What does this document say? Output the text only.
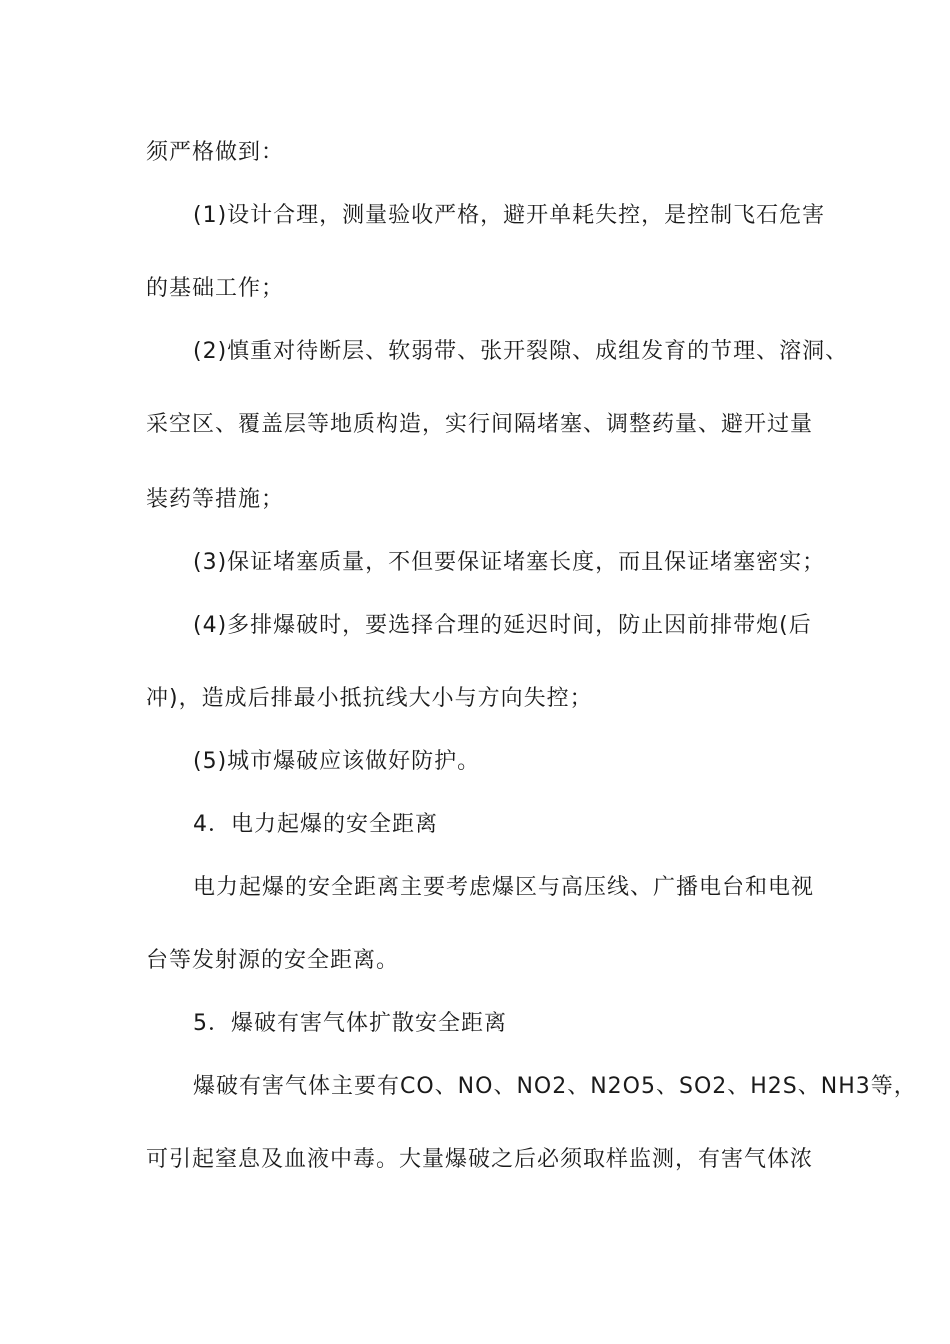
须严格做到：
(1)设计合理，测量验收严格，避开单耗失控，是控制飞石危害
的基础工作；
(2)慎重对待断层、软弱带、张开裂隙、成组发育的节理、溶洞、
采空区、覆盖层等地质构造，实行间隔堵塞、调整药量、避开过量
装药等措施；
(3)保证堵塞质量，不但要保证堵塞长度，而且保证堵塞密实；
(4)多排爆破时，要选择合理的延迟时间，防止因前排带炮(后
冲)，造成后排最小抵抗线大小与方向失控；
(5)城市爆破应该做好防护。
4．电力起爆的安全距离
电力起爆的安全距离主要考虑爆区与高压线、广播电台和电视
台等发射源的安全距离。
5．爆破有害气体扩散安全距离
爆破有害气体主要有CO、NO、NO2、N2O5、SO2、H2S、NH3等，
可引起窒息及血液中毒。大量爆破之后必须取样监测，有害气体浓
